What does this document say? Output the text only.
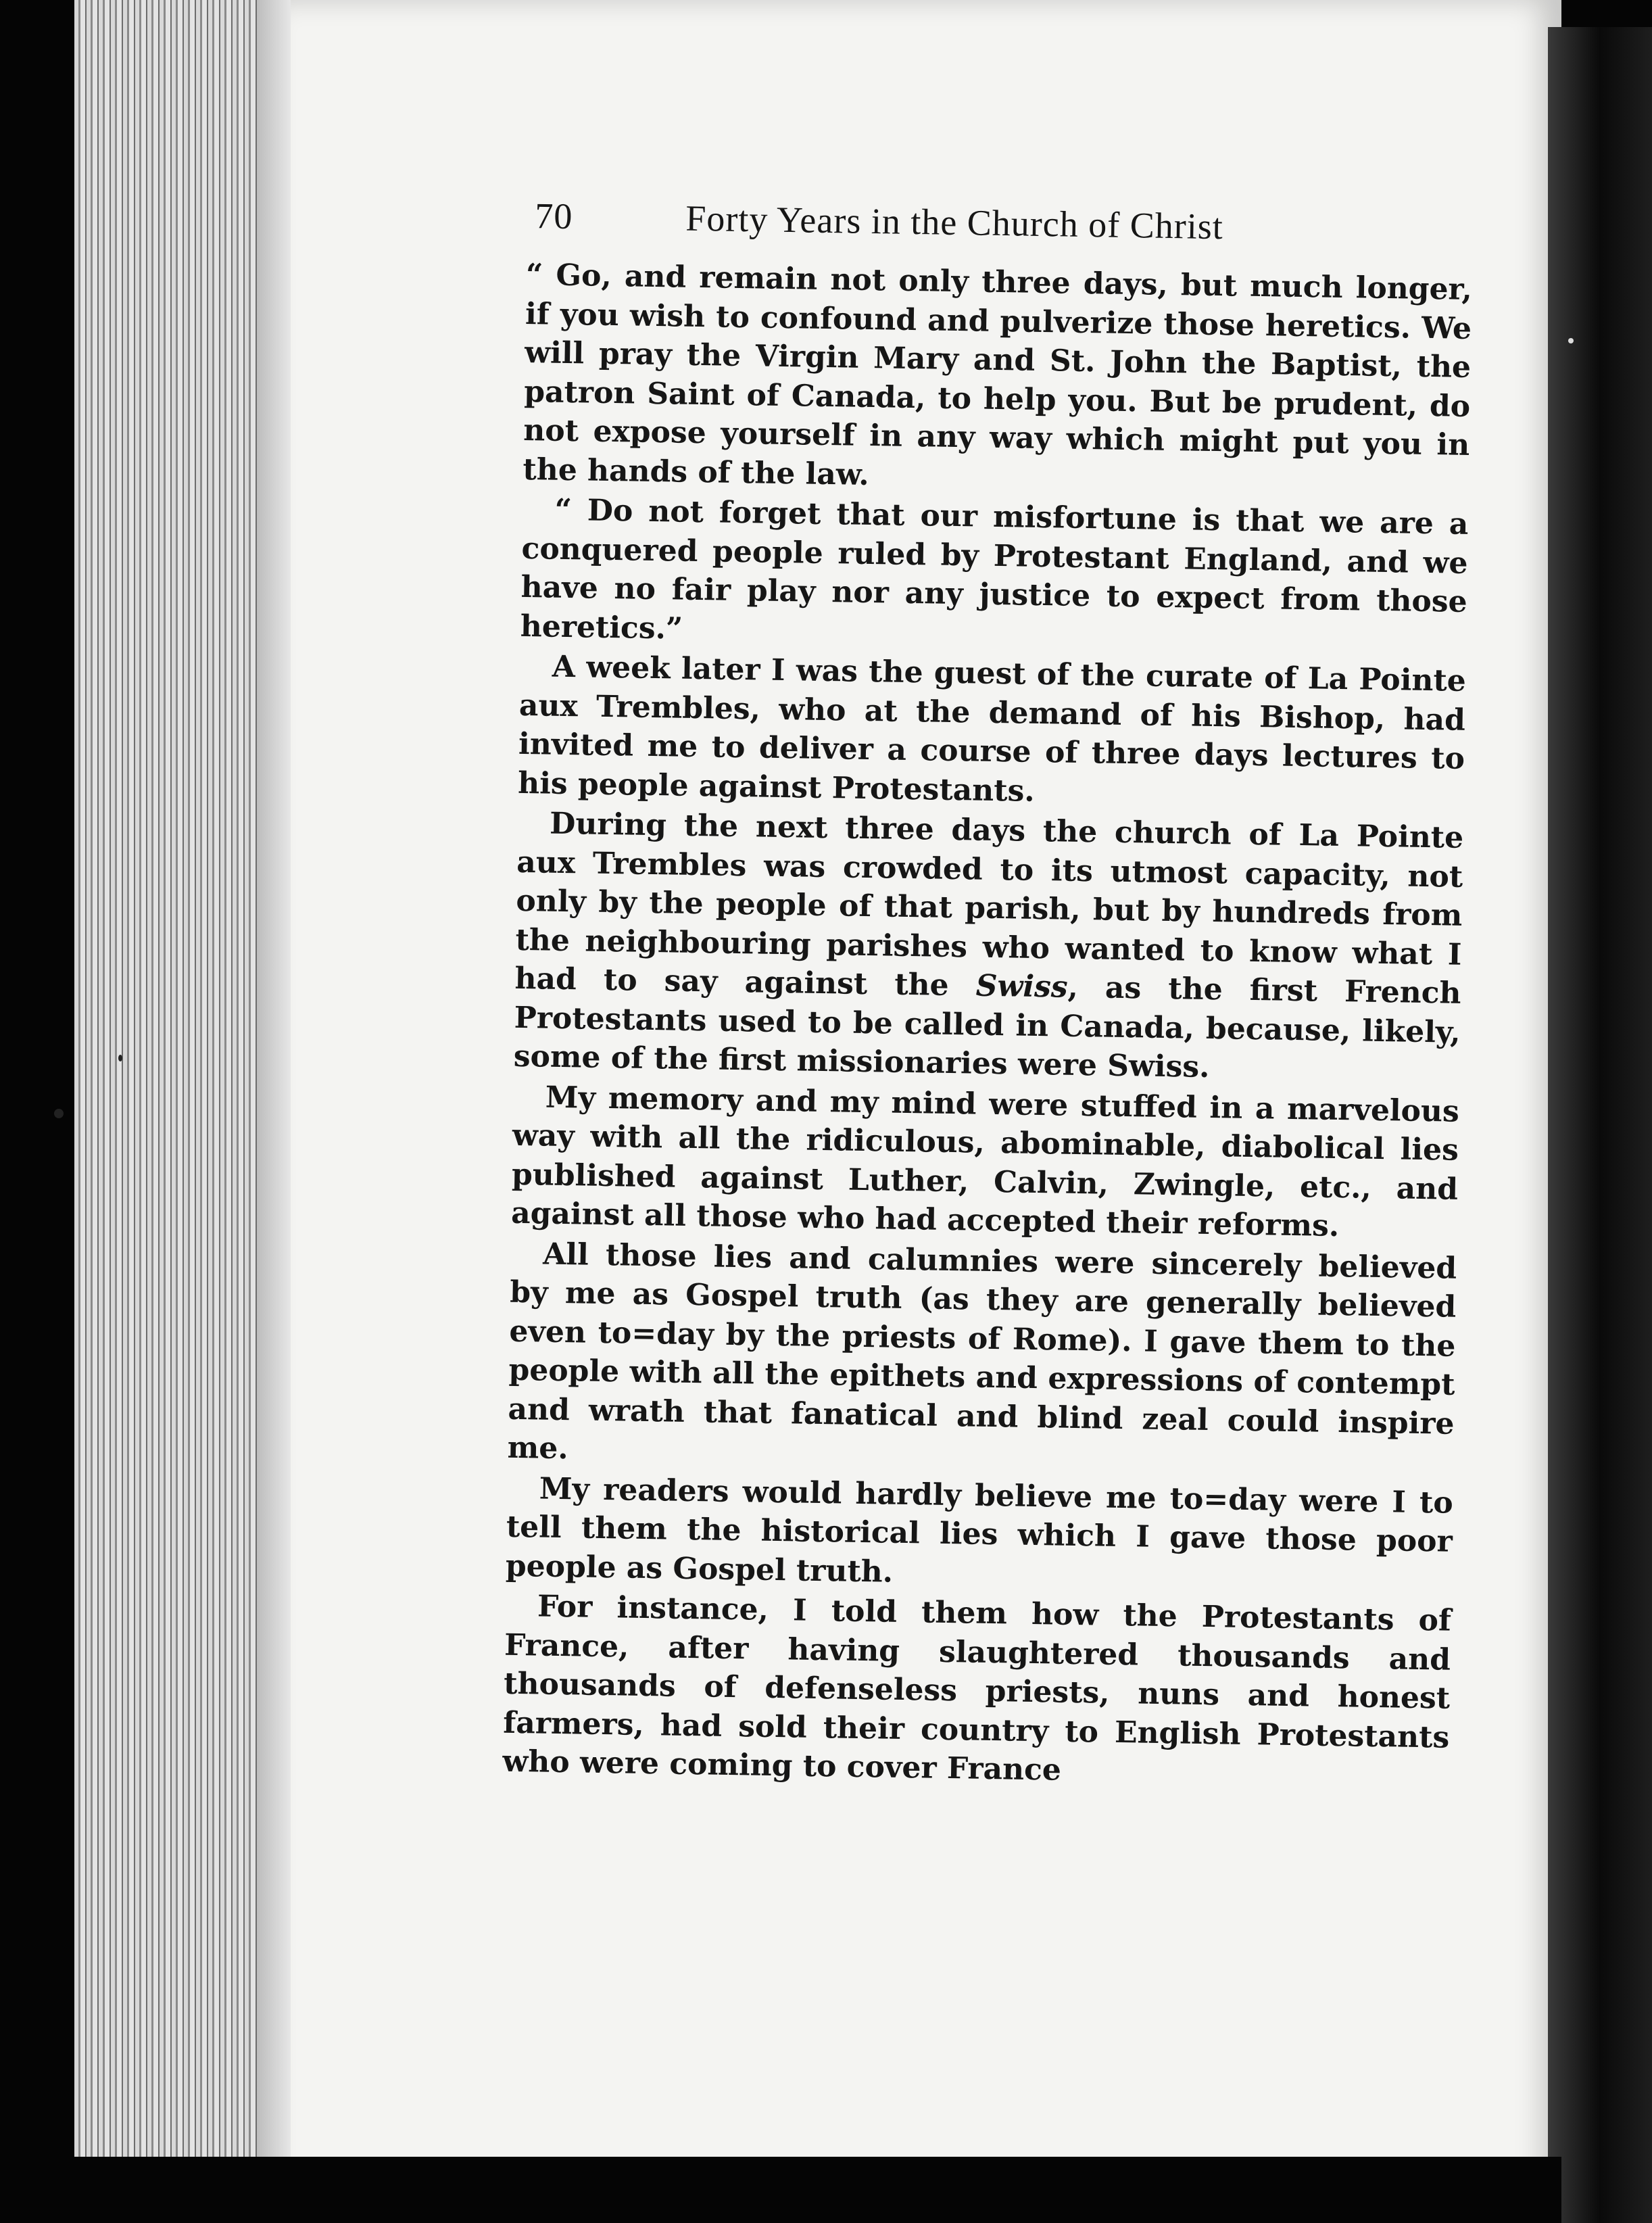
70	Forty Years in the Church of Christ

“ Go, and remain not only three days, but much longer, if you wish to confound and pulverize those heretics. We will pray the Virgin Mary and St. John the Baptist, the patron Saint of Canada, to help you. But be prudent, do not expose yourself in any way which might put you in the hands of the law.

“ Do not forget that our misfortune is that we are a conquered people ruled by Protestant England, and we have no fair play nor any justice to expect from those heretics.”

A week later I was the guest of the curate of La Pointe aux Trembles, who at the demand of his Bishop, had invited me to deliver a course of three days lectures to his people against Protestants.

During the next three days the church of La Pointe aux Trembles was crowded to its utmost capacity, not only by the people of that parish, but by hundreds from the neighbouring parishes who wanted to know what I had to say against the Swiss, as the first French Protestants used to be called in Canada, because, likely, some of the first missionaries were Swiss.

My memory and my mind were stuffed in a marvelous way with all the ridiculous, abominable, diabolical lies published against Luther, Calvin, Zwingle, etc., and against all those who had accepted their reforms.

All those lies and calumnies were sincerely believed by me as Gospel truth (as they are generally believed even to=day by the priests of Rome). I gave them to the people with all the epithets and expressions of contempt and wrath that fanatical and blind zeal could inspire me.

My readers would hardly believe me to=day were I to tell them the historical lies which I gave those poor people as Gospel truth.

For instance, I told them how the Protestants of France, after having slaughtered thousands and thousands of defenseless priests, nuns and honest farmers, had sold their country to English Protestants who were coming to cover France
